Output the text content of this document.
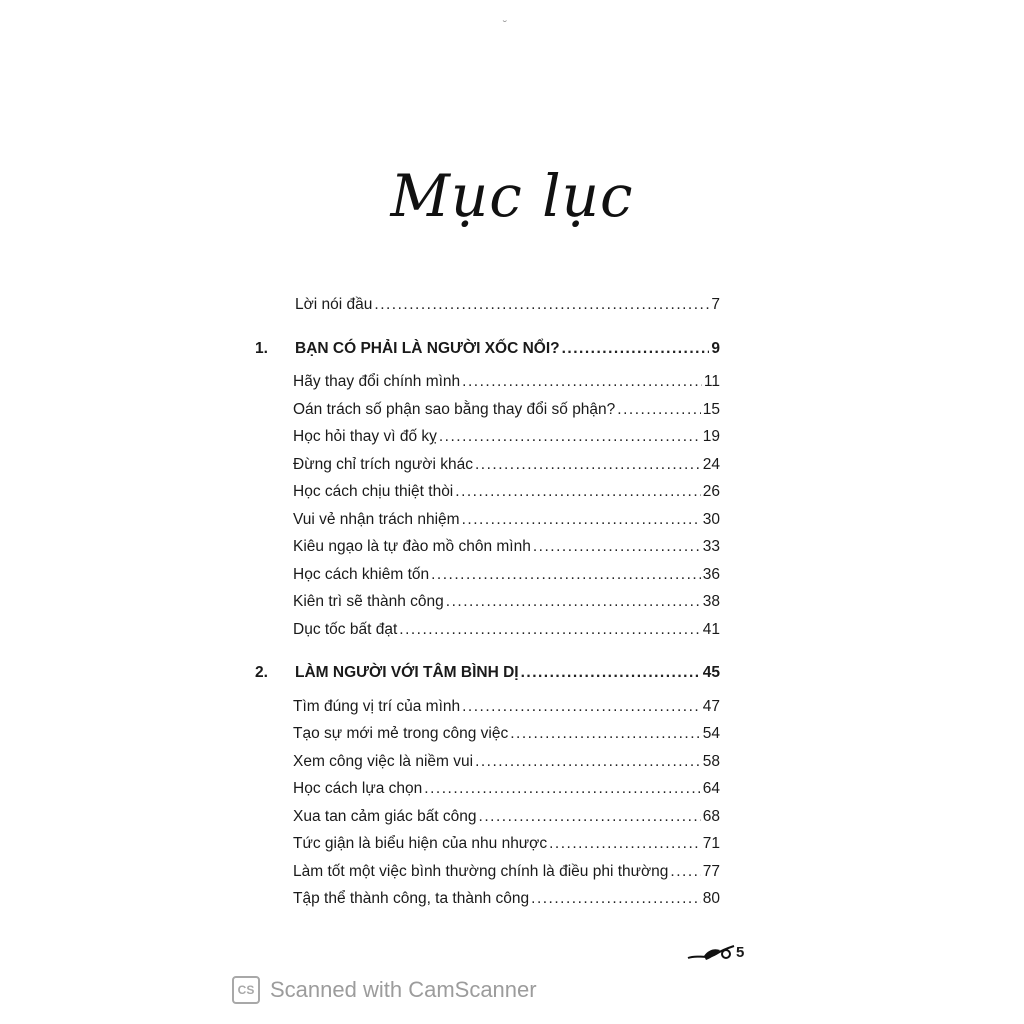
˘
Mục lục
Lời nói đầu .....	7
1.	BẠN CÓ PHẢI LÀ NGƯỜI XỐC NỔI? .....	9
Hãy thay đổi chính mình .....	11
Oán trách số phận sao bằng thay đổi số phận? .....	15
Học hỏi thay vì đố kỵ .....	19
Đừng chỉ trích người khác .....	24
Học cách chịu thiệt thòi .....	26
Vui vẻ nhận trách nhiệm .....	30
Kiêu ngạo là tự đào mồ chôn mình .....	33
Học cách khiêm tốn .....	36
Kiên trì sẽ thành công .....	38
Dục tốc bất đạt .....	41
2.	LÀM NGƯỜI VỚI TÂM BÌNH DỊ .....	45
Tìm đúng vị trí của mình .....	47
Tạo sự mới mẻ trong công việc .....	54
Xem công việc là niềm vui .....	58
Học cách lựa chọn .....	64
Xua tan cảm giác bất công .....	68
Tức giận là biểu hiện của nhu nhược .....	71
Làm tốt một việc bình thường chính là điều phi thường ..... 77
Tập thể thành công, ta thành công .....	80
5
CS Scanned with CamScanner
